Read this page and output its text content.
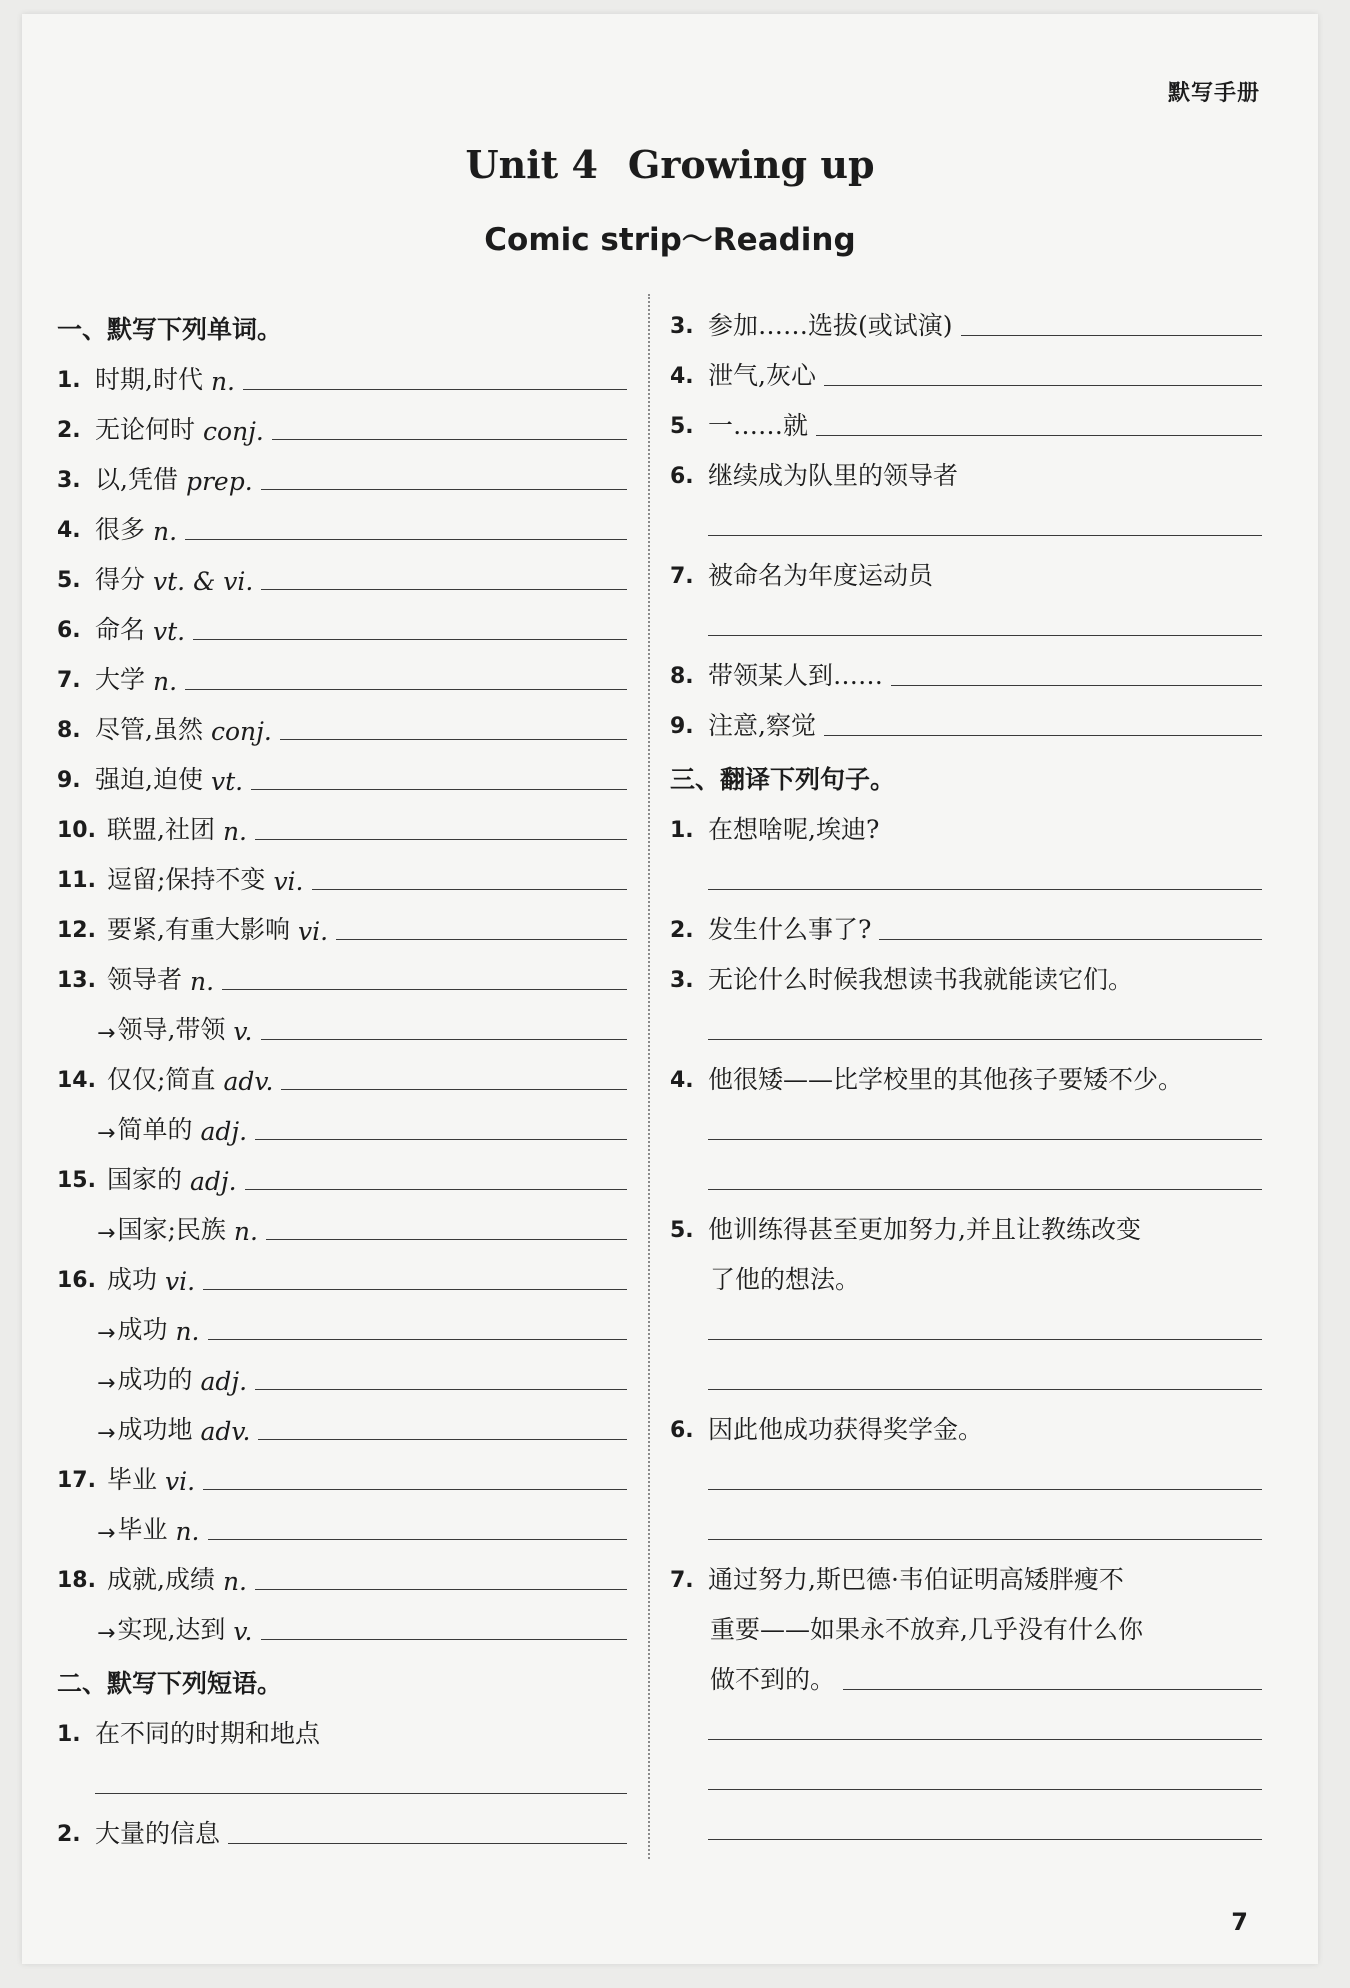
默写手册
Unit 4 Growing up
Comic strip～Reading
一、默写下列单词。
1. 时期,时代 n.
2. 无论何时 conj.
3. 以,凭借 prep.
4. 很多 n.
5. 得分 vt. & vi.
6. 命名 vt.
7. 大学 n.
8. 尽管,虽然 conj.
9. 强迫,迫使 vt.
10. 联盟,社团 n.
11. 逗留;保持不变 vi.
12. 要紧,有重大影响 vi.
13. 领导者 n.
→ 领导,带领 v.
14. 仅仅;简直 adv.
→ 简单的 adj.
15. 国家的 adj.
→ 国家;民族 n.
16. 成功 vi.
→ 成功 n.
→ 成功的 adj.
→ 成功地 adv.
17. 毕业 vi.
→ 毕业 n.
18. 成就,成绩 n.
→ 实现,达到 v.
二、默写下列短语。
1. 在不同的时期和地点
2. 大量的信息
3. 参加……选拔(或试演)
4. 泄气,灰心
5. 一……就
6. 继续成为队里的领导者
7. 被命名为年度运动员
8. 带领某人到……
9. 注意,察觉
三、翻译下列句子。
1. 在想啥呢,埃迪?
2. 发生什么事了?
3. 无论什么时候我想读书我就能读它们。
4. 他很矮——比学校里的其他孩子要矮不少。
5. 他训练得甚至更加努力,并且让教练改变
了他的想法。
6. 因此他成功获得奖学金。
7. 通过努力,斯巴德·韦伯证明高矮胖瘦不
重要——如果永不放弃,几乎没有什么你
做不到的。
7
